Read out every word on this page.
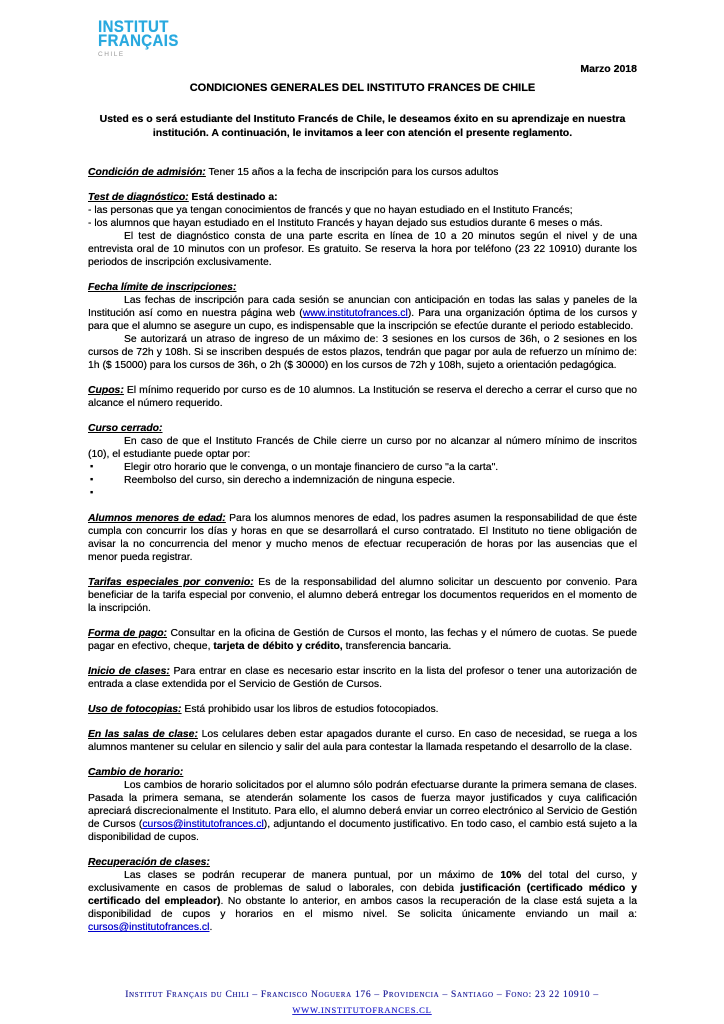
INSTITUT
FRANÇAIS
CHILE

Marzo 2018

CONDICIONES GENERALES DEL INSTITUTO FRANCES DE CHILE

Usted es o será estudiante del Instituto Francés de Chile, le deseamos éxito en su aprendizaje en nuestra institución. A continuación, le invitamos a leer con atención el presente reglamento.

Condición de admisión: Tener 15 años a la fecha de inscripción para los cursos adultos

Test de diagnóstico: Está destinado a:

- las personas que ya tengan conocimientos de francés y que no hayan estudiado en el Instituto Francés;

- los alumnos que hayan estudiado en el Instituto Francés y hayan dejado sus estudios durante 6 meses o más.

El test de diagnóstico consta de una parte escrita en línea de 10 a 20 minutos según el nivel y de una entrevista oral de 10 minutos con un profesor. Es gratuito. Se reserva la hora por teléfono (23 22 10910) durante los periodos de inscripción exclusivamente.

Fecha límite de inscripciones:

Las fechas de inscripción para cada sesión se anuncian con anticipación en todas las salas y paneles de la Institución así como en nuestra página web (www.institutofrances.cl). Para una organización óptima de los cursos y para que el alumno se asegure un cupo, es indispensable que la inscripción se efectúe durante el periodo establecido.

Se autorizará un atraso de ingreso de un máximo de: 3 sesiones en los cursos de 36h, o 2 sesiones en los cursos de 72h y 108h. Si se inscriben después de estos plazos, tendrán que pagar por aula de refuerzo un mínimo de: 1h ($ 15000) para los cursos de 36h, o 2h ($ 30000) en los cursos de 72h y 108h, sujeto a orientación pedagógica.

Cupos: El mínimo requerido por curso es de 10 alumnos. La Institución se reserva el derecho a cerrar el curso que no alcance el número requerido.

Curso cerrado:

En caso de que el Instituto Francés de Chile cierre un curso por no alcanzar al número mínimo de inscritos (10), el estudiante puede optar por:

▪	Elegir otro horario que le convenga, o un montaje financiero de curso "a la carta".
▪	Reembolso del curso, sin derecho a indemnización de ninguna especie.
▪

Alumnos menores de edad: Para los alumnos menores de edad, los padres asumen la responsabilidad de que éste cumpla con concurrir los días y horas en que se desarrollará el curso contratado. El Instituto no tiene obligación de avisar la no concurrencia del menor y mucho menos de efectuar recuperación de horas por las ausencias que el menor pueda registrar.

Tarifas especiales por convenio: Es de la responsabilidad del alumno solicitar un descuento por convenio. Para beneficiar de la tarifa especial por convenio, el alumno deberá entregar los documentos requeridos en el momento de la inscripción.

Forma de pago: Consultar en la oficina de Gestión de Cursos el monto, las fechas y el número de cuotas. Se puede pagar en efectivo, cheque, tarjeta de débito y crédito, transferencia bancaria.

Inicio de clases: Para entrar en clase es necesario estar inscrito en la lista del profesor o tener una autorización de entrada a clase extendida por el Servicio de Gestión de Cursos.

Uso de fotocopias: Está prohibido usar los libros de estudios fotocopiados.

En las salas de clase: Los celulares deben estar apagados durante el curso. En caso de necesidad, se ruega a los alumnos mantener su celular en silencio y salir del aula para contestar la llamada respetando el desarrollo de la clase.

Cambio de horario:

Los cambios de horario solicitados por el alumno sólo podrán efectuarse durante la primera semana de clases. Pasada la primera semana, se atenderán solamente los casos de fuerza mayor justificados y cuya calificación apreciará discrecionalmente el Instituto. Para ello, el alumno deberá enviar un correo electrónico al Servicio de Gestión de Cursos (cursos@institutofrances.cl), adjuntando el documento justificativo. En todo caso, el cambio está sujeto a la disponibilidad de cupos.

Recuperación de clases:

Las clases se podrán recuperar de manera puntual, por un máximo de 10% del total del curso, y exclusivamente en casos de problemas de salud o laborales, con debida justificación (certificado médico y certificado del empleador). No obstante lo anterior, en ambos casos la recuperación de la clase está sujeta a la disponibilidad de cupos y horarios en el mismo nivel. Se solicita únicamente enviando un mail a: cursos@institutofrances.cl.

Institut Français du Chili – Francisco Noguera 176 – Providencia – Santiago – Fono: 23 22 10910 –
WWW.INSTITUTOFRANCES.CL
